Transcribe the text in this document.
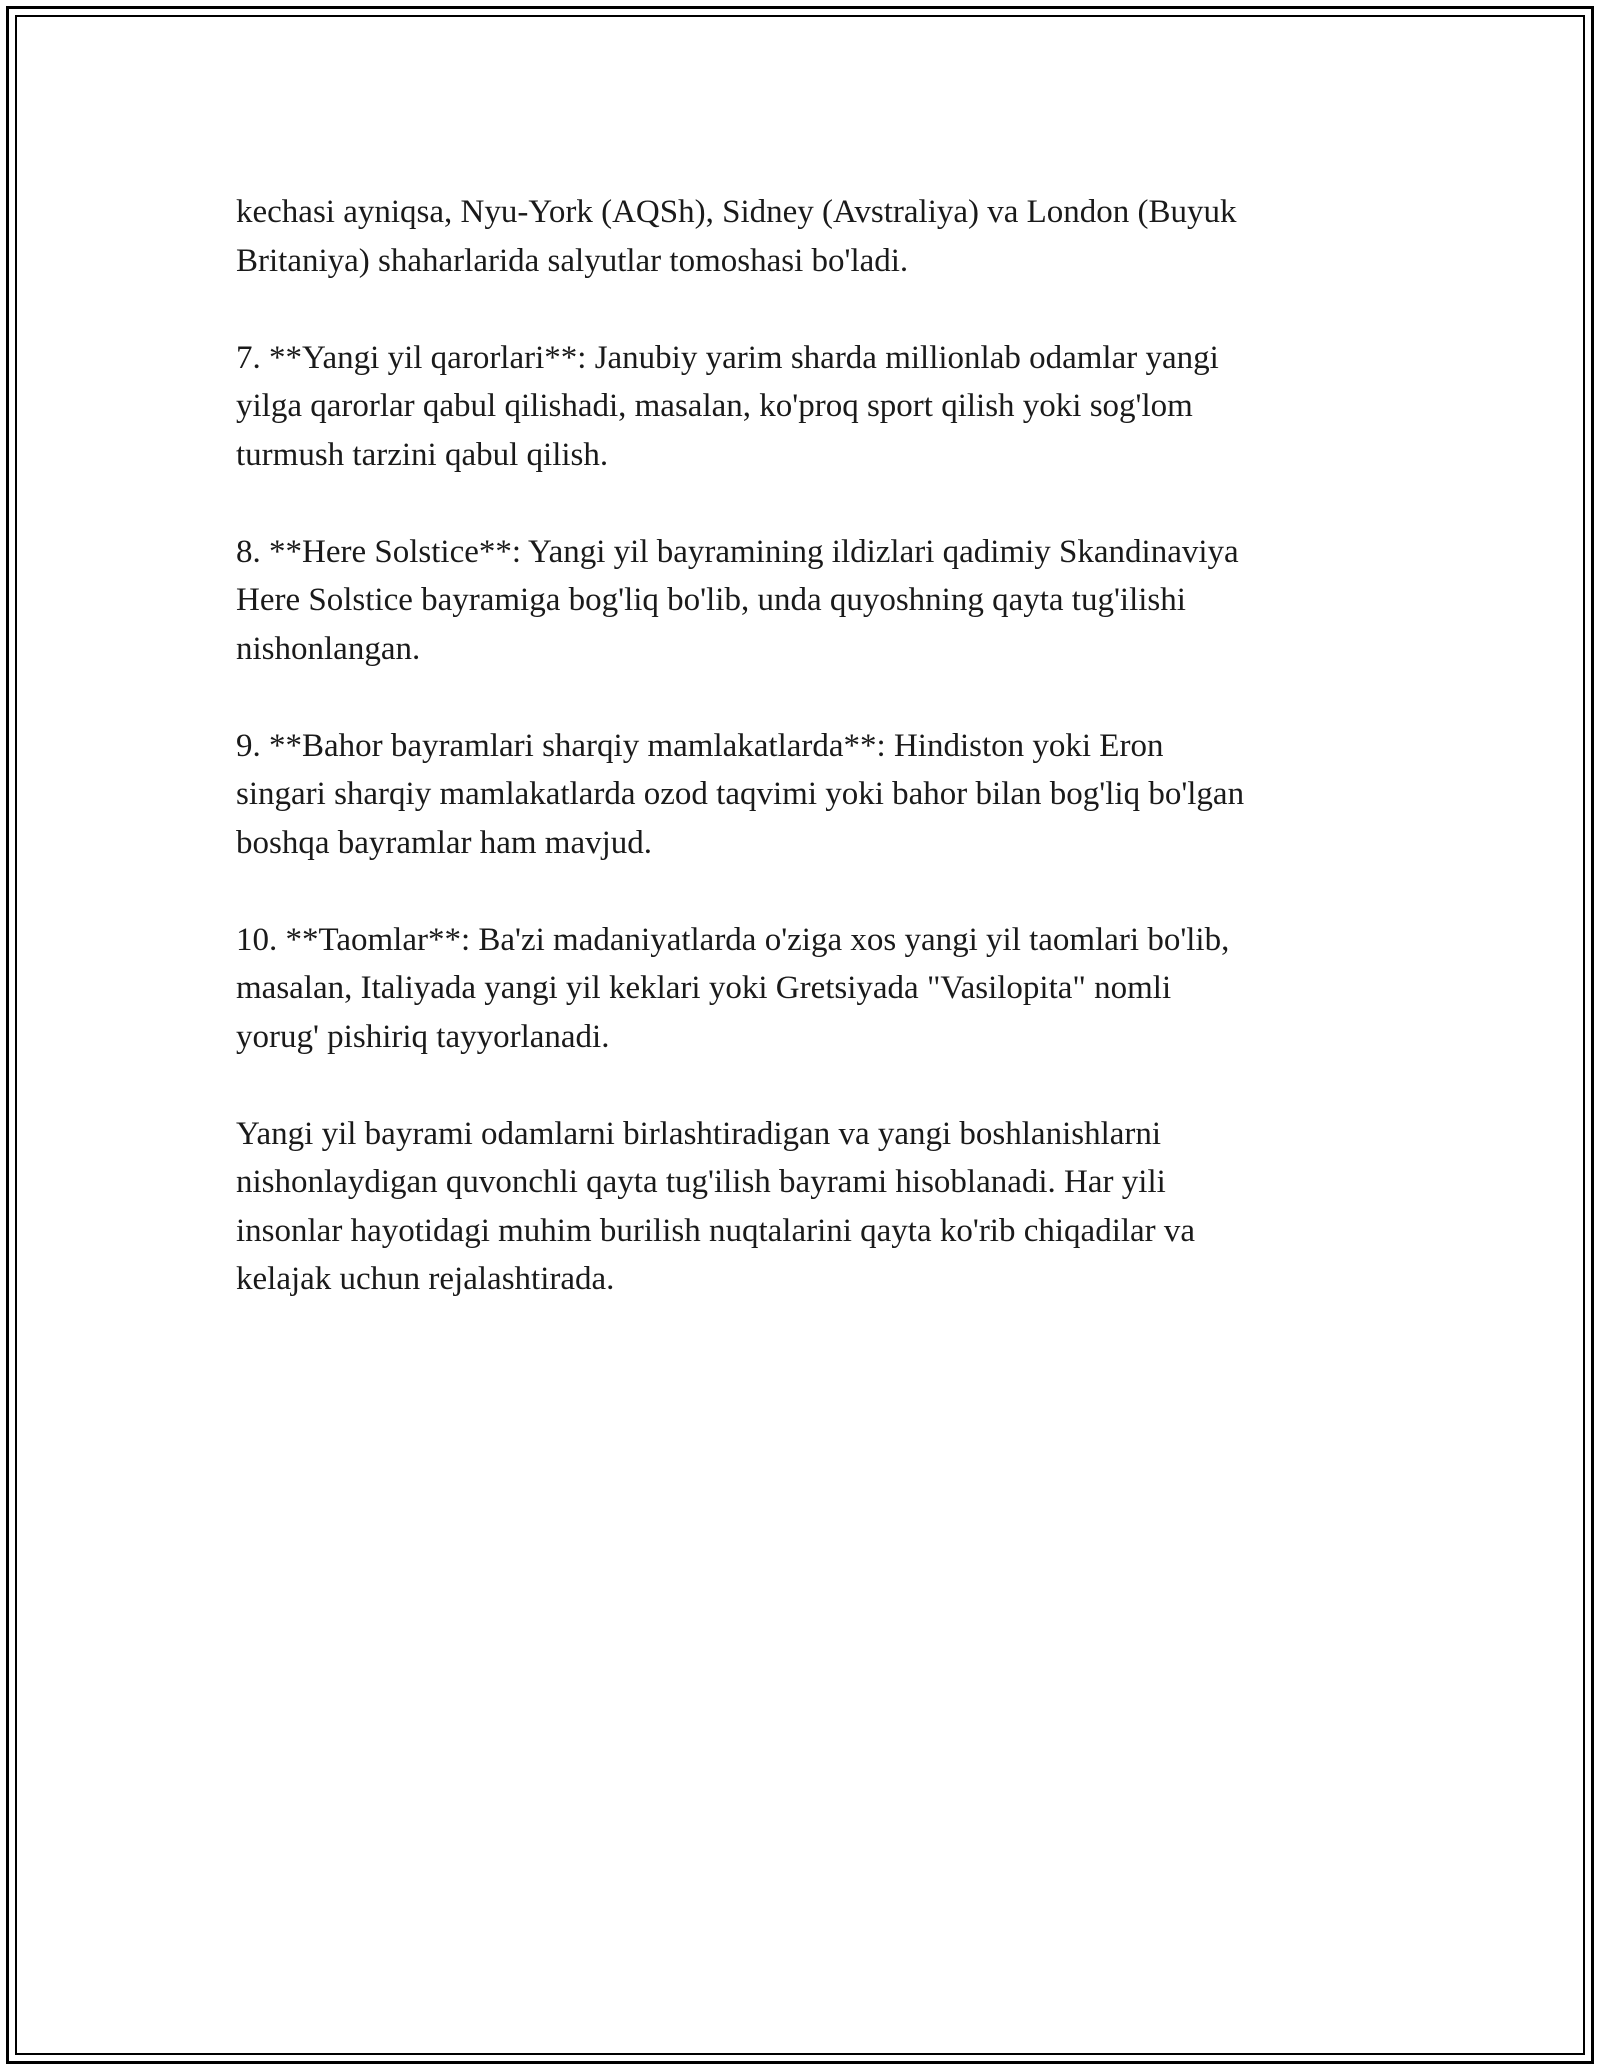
kechasi ayniqsa, Nyu-York (AQSh), Sidney (Avstraliya) va London (Buyuk
Britaniya) shaharlarida salyutlar tomoshasi bo'ladi.

7. **Yangi yil qarorlari**: Janubiy yarim sharda millionlab odamlar yangi
yilga qarorlar qabul qilishadi, masalan, ko'proq sport qilish yoki sog'lom
turmush tarzini qabul qilish.

8. **Here Solstice**: Yangi yil bayramining ildizlari qadimiy Skandinaviya
Here Solstice bayramiga bog'liq bo'lib, unda quyoshning qayta tug'ilishi
nishonlangan.

9. **Bahor bayramlari sharqiy mamlakatlarda**: Hindiston yoki Eron
singari sharqiy mamlakatlarda ozod taqvimi yoki bahor bilan bog'liq bo'lgan
boshqa bayramlar ham mavjud.

10. **Taomlar**: Ba'zi madaniyatlarda o'ziga xos yangi yil taomlari bo'lib,
masalan, Italiyada yangi yil keklari yoki Gretsiyada "Vasilopita" nomli
yorug' pishiriq tayyorlanadi.

Yangi yil bayrami odamlarni birlashtiradigan va yangi boshlanishlarni
nishonlaydigan quvonchli qayta tug'ilish bayrami hisoblanadi. Har yili
insonlar hayotidagi muhim burilish nuqtalarini qayta ko'rib chiqadilar va
kelajak uchun rejalashtirada.
